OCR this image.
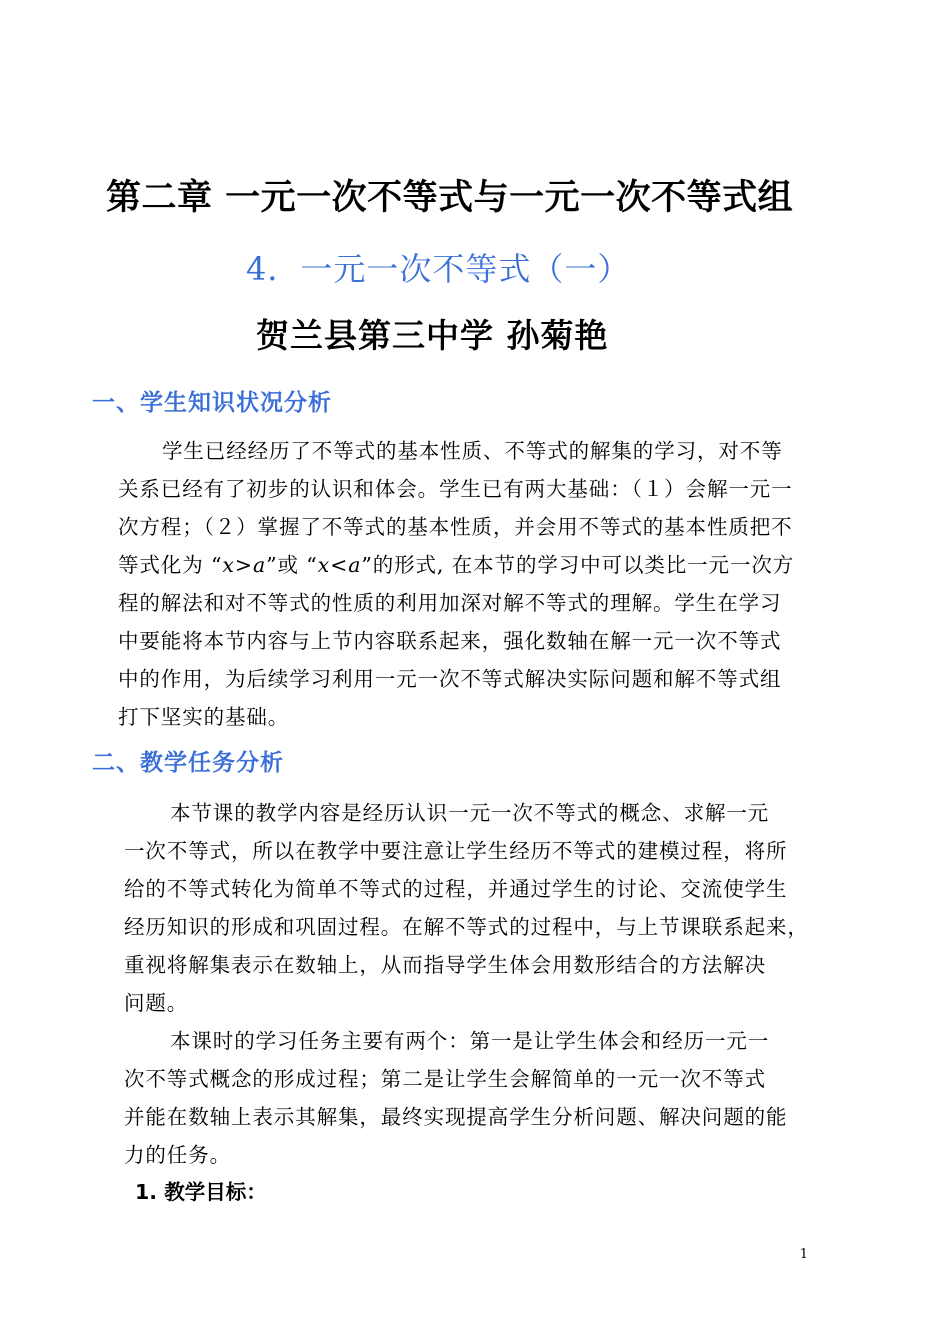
第二章 一元一次不等式与一元一次不等式组
4．一元一次不等式（一）
贺兰县第三中学 孙菊艳
一、学生知识状况分析
学生已经经历了不等式的基本性质、不等式的解集的学习，对不等
关系已经有了初步的认识和体会。学生已有两大基础：（１）会解一元一
次方程；（２）掌握了不等式的基本性质，并会用不等式的基本性质把不
等式化为 “x>a”或 “x<a”的形式, 在本节的学习中可以类比一元一次方
程的解法和对不等式的性质的利用加深对解不等式的理解。学生在学习
中要能将本节内容与上节内容联系起来，强化数轴在解一元一次不等式
中的作用，为后续学习利用一元一次不等式解决实际问题和解不等式组
打下坚实的基础。
二、教学任务分析
本节课的教学内容是经历认识一元一次不等式的概念、求解一元
一次不等式，所以在教学中要注意让学生经历不等式的建模过程，将所
给的不等式转化为简单不等式的过程，并通过学生的讨论、交流使学生
经历知识的形成和巩固过程。在解不等式的过程中，与上节课联系起来，
重视将解集表示在数轴上，从而指导学生体会用数形结合的方法解决
问题。
本课时的学习任务主要有两个：第一是让学生体会和经历一元一
次不等式概念的形成过程；第二是让学生会解简单的一元一次不等式
并能在数轴上表示其解集，最终实现提高学生分析问题、解决问题的能
力的任务。
1. 教学目标：
1
